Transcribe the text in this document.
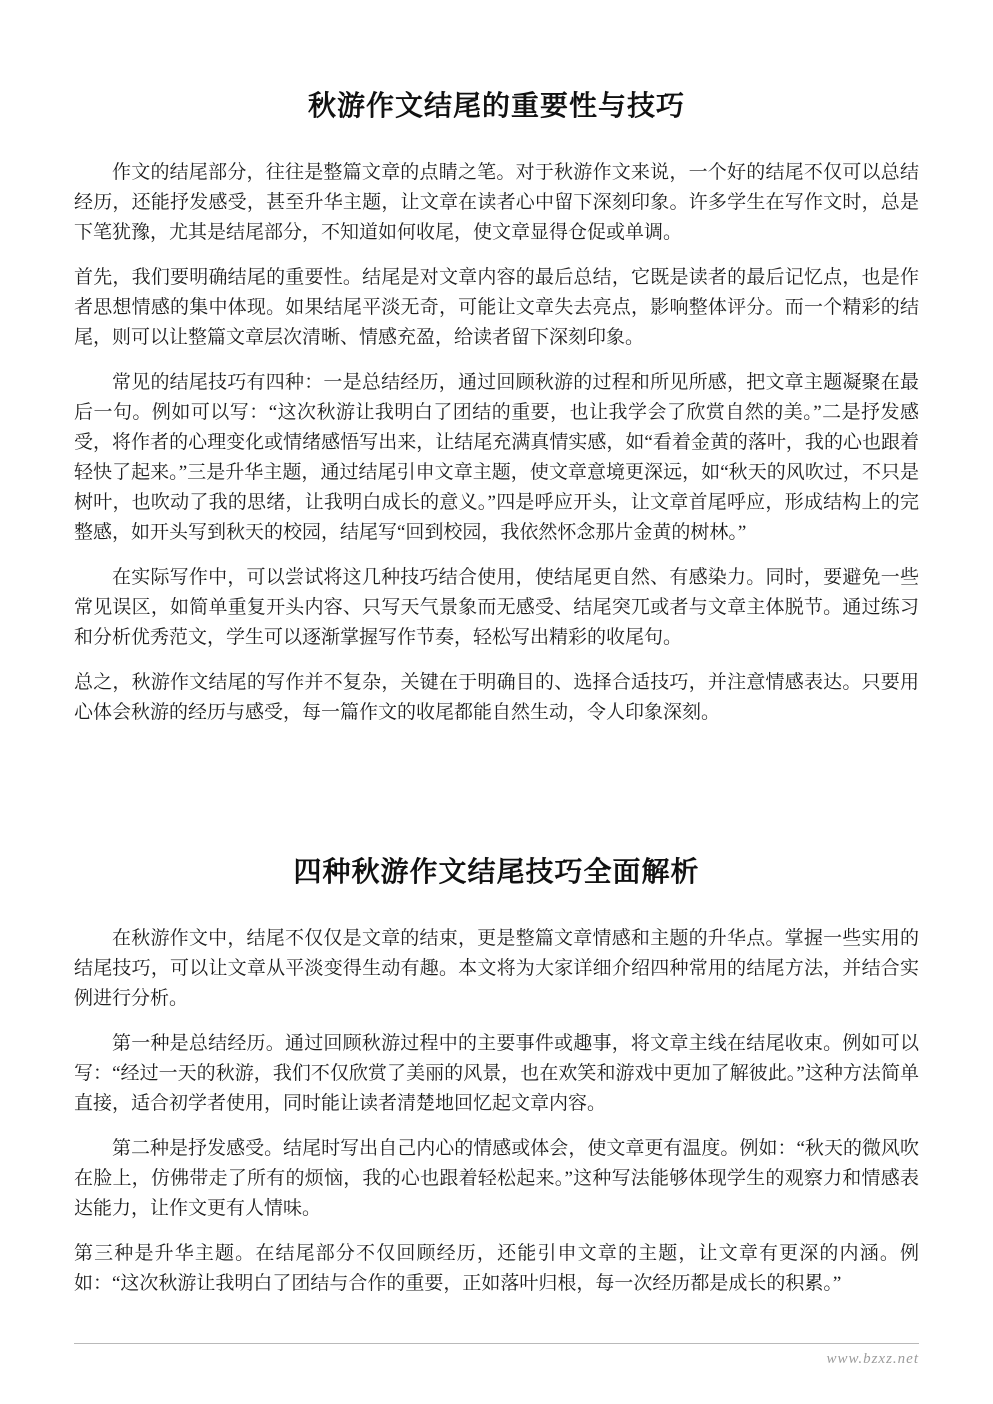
秋游作文结尾的重要性与技巧

作文的结尾部分，往往是整篇文章的点睛之笔。对于秋游作文来说，一个好的结尾不仅可以总结经历，还能抒发感受，甚至升华主题，让文章在读者心中留下深刻印象。许多学生在写作文时，总是下笔犹豫，尤其是结尾部分，不知道如何收尾，使文章显得仓促或单调。

首先，我们要明确结尾的重要性。结尾是对文章内容的最后总结，它既是读者的最后记忆点，也是作者思想情感的集中体现。如果结尾平淡无奇，可能让文章失去亮点，影响整体评分。而一个精彩的结尾，则可以让整篇文章层次清晰、情感充盈，给读者留下深刻印象。

常见的结尾技巧有四种：一是总结经历，通过回顾秋游的过程和所见所感，把文章主题凝聚在最后一句。例如可以写：“这次秋游让我明白了团结的重要，也让我学会了欣赏自然的美。”二是抒发感受，将作者的心理变化或情绪感悟写出来，让结尾充满真情实感，如“看着金黄的落叶，我的心也跟着轻快了起来。”三是升华主题，通过结尾引申文章主题，使文章意境更深远，如“秋天的风吹过，不只是树叶，也吹动了我的思绪，让我明白成长的意义。”四是呼应开头，让文章首尾呼应，形成结构上的完整感，如开头写到秋天的校园，结尾写“回到校园，我依然怀念那片金黄的树林。”

在实际写作中，可以尝试将这几种技巧结合使用，使结尾更自然、有感染力。同时，要避免一些常见误区，如简单重复开头内容、只写天气景象而无感受、结尾突兀或者与文章主体脱节。通过练习和分析优秀范文，学生可以逐渐掌握写作节奏，轻松写出精彩的收尾句。

总之，秋游作文结尾的写作并不复杂，关键在于明确目的、选择合适技巧，并注意情感表达。只要用心体会秋游的经历与感受，每一篇作文的收尾都能自然生动，令人印象深刻。

四种秋游作文结尾技巧全面解析

在秋游作文中，结尾不仅仅是文章的结束，更是整篇文章情感和主题的升华点。掌握一些实用的结尾技巧，可以让文章从平淡变得生动有趣。本文将为大家详细介绍四种常用的结尾方法，并结合实例进行分析。

第一种是总结经历。通过回顾秋游过程中的主要事件或趣事，将文章主线在结尾收束。例如可以写：“经过一天的秋游，我们不仅欣赏了美丽的风景，也在欢笑和游戏中更加了解彼此。”这种方法简单直接，适合初学者使用，同时能让读者清楚地回忆起文章内容。

第二种是抒发感受。结尾时写出自己内心的情感或体会，使文章更有温度。例如：“秋天的微风吹在脸上，仿佛带走了所有的烦恼，我的心也跟着轻松起来。”这种写法能够体现学生的观察力和情感表达能力，让作文更有人情味。

第三种是升华主题。在结尾部分不仅回顾经历，还能引申文章的主题，让文章有更深的内涵。例如：“这次秋游让我明白了团结与合作的重要，正如落叶归根，每一次经历都是成长的积累。”

www.bzxz.net
